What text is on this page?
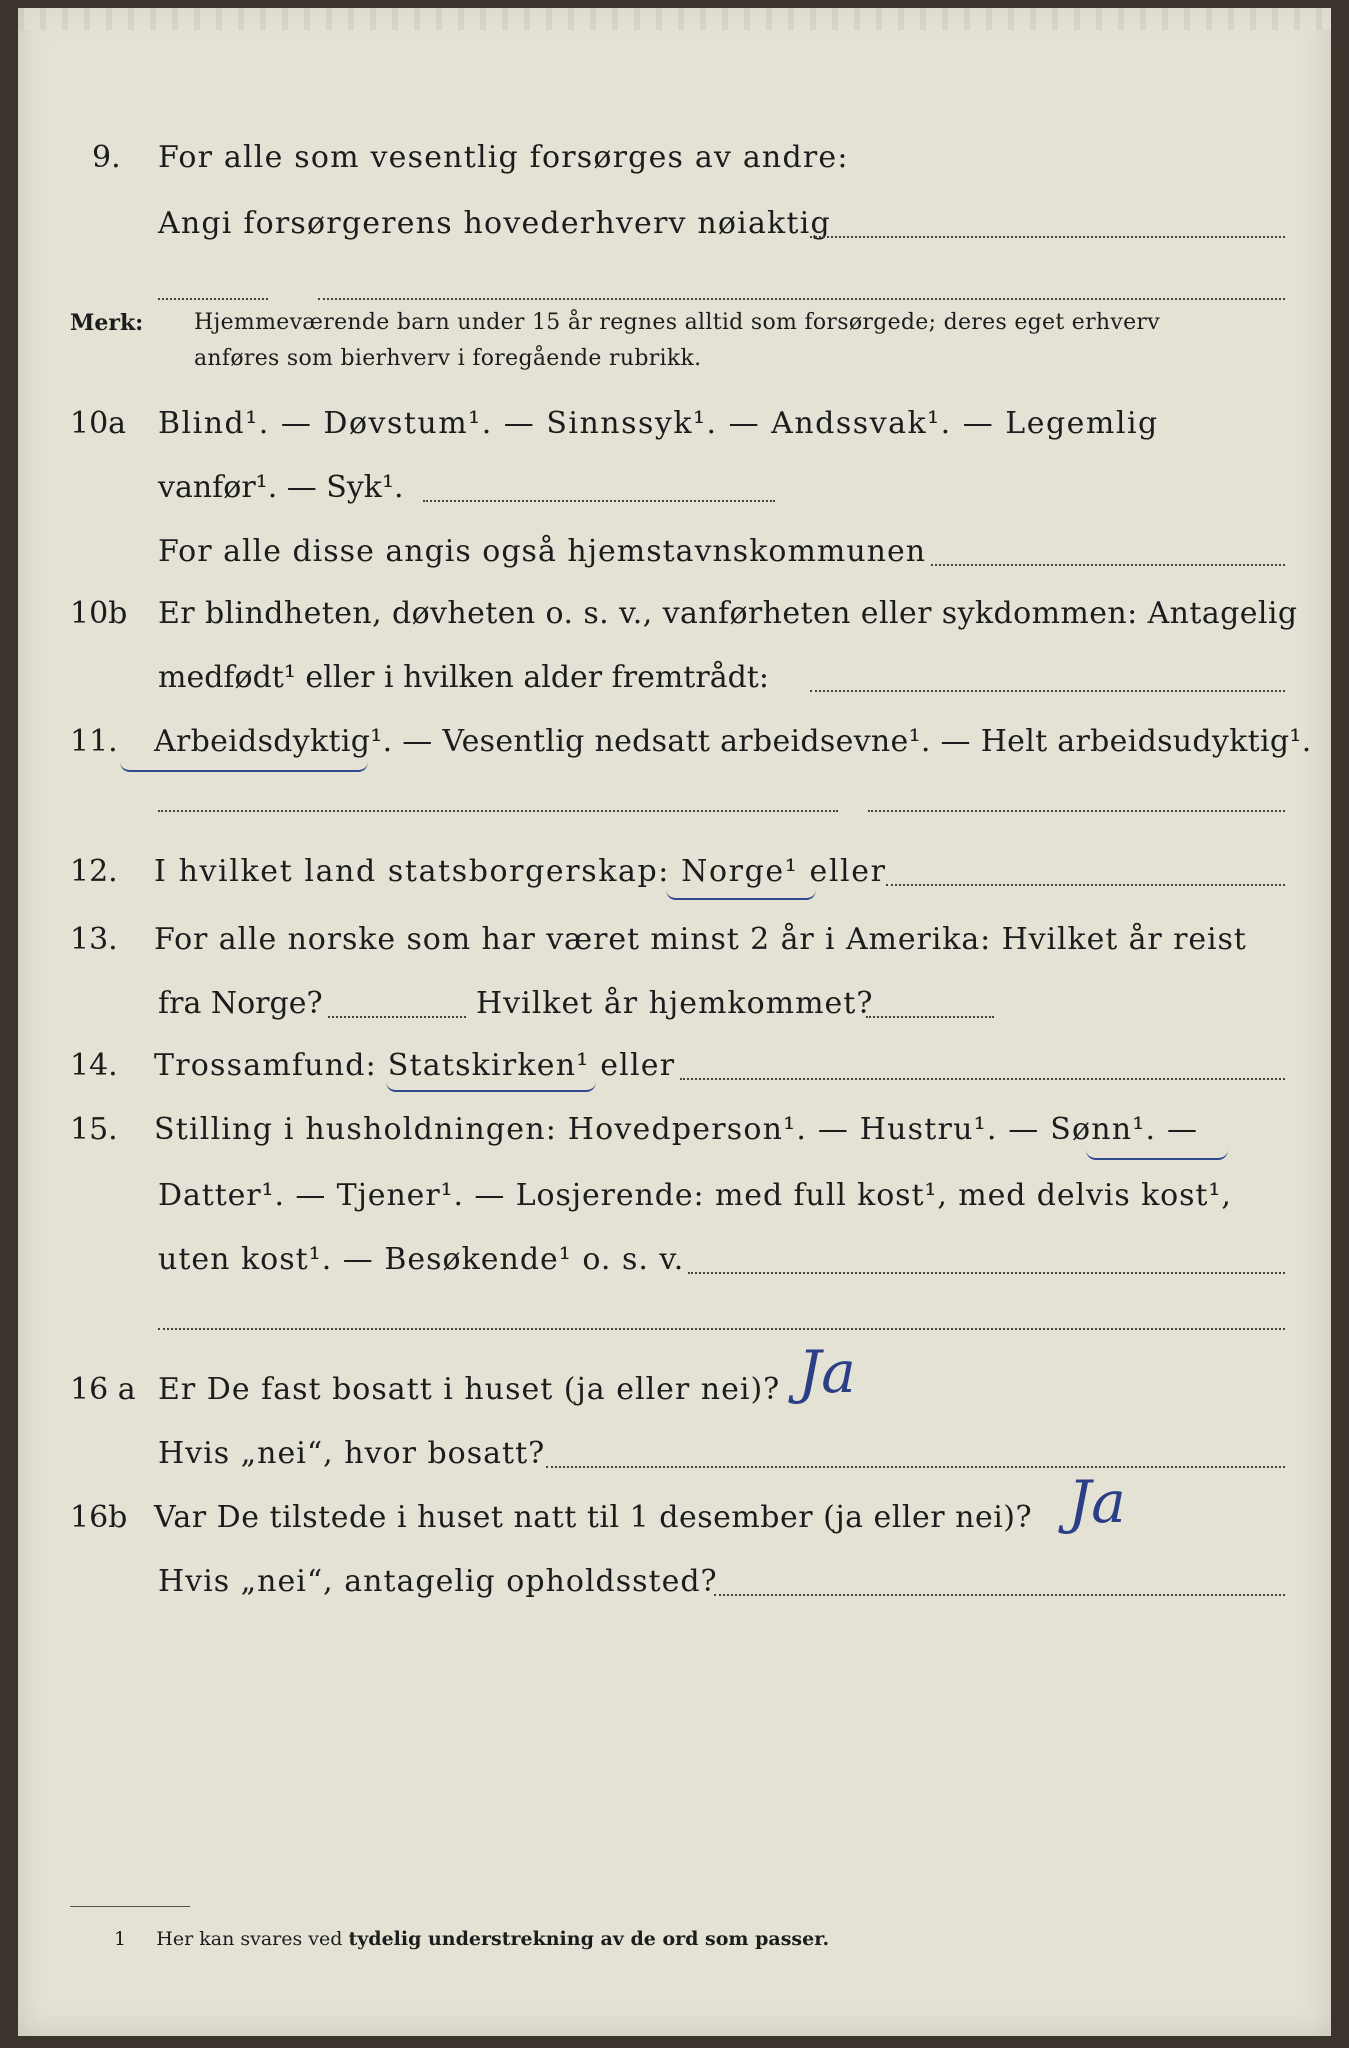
9. For alle som vesentlig forsørges av andre:
Angi forsørgerens hovederhverv nøiaktig
Merk: Hjemmeværende barn under 15 år regnes alltid som forsørgede; deres eget erhverv
anføres som bierhverv i foregående rubrikk.
10a Blind¹. — Døvstum¹. — Sinnssyk¹. — Andssvak¹. — Legemlig
vanfør¹. — Syk¹.
For alle disse angis også hjemstavnskommunen
10b Er blindheten, døvheten o. s. v., vanførheten eller sykdommen: Antagelig
medfødt¹ eller i hvilken alder fremtrådt:
11. Arbeidsdyktig¹. — Vesentlig nedsatt arbeidsevne¹. — Helt arbeidsudyktig¹.
12. I hvilket land statsborgerskap: Norge¹ eller
13. For alle norske som har været minst 2 år i Amerika: Hvilket år reist
fra Norge?	Hvilket år hjemkommet?
14. Trossamfund: Statskirken¹ eller
15. Stilling i husholdningen: Hovedperson¹. — Hustru¹. — Sønn¹. —
Datter¹. — Tjener¹. — Losjerende: med full kost¹, med delvis kost¹,
uten kost¹. — Besøkende¹ o. s. v.
16 a Er De fast bosatt i huset (ja eller nei)? Ja
Hvis „nei“, hvor bosatt?
16b Var De tilstede i huset natt til 1 desember (ja eller nei)? Ja
Hvis „nei“, antagelig opholdssted?
1 Her kan svares ved tydelig understrekning av de ord som passer.
